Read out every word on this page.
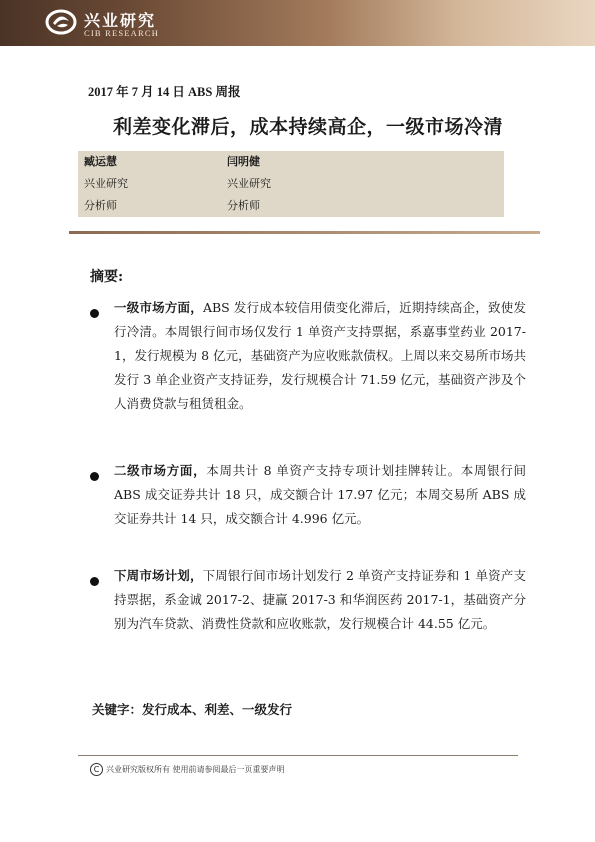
兴业研究
CIB RESEARCH
2017 年 7 月 14 日 ABS 周报
利差变化滞后，成本持续高企，一级市场冷清
臧运慧
兴业研究
分析师
闫明健
兴业研究
分析师
摘要:
一级市场方面，ABS 发行成本较信用债变化滞后，近期持续高企，致使发行冷清。本周银行间市场仅发行 1 单资产支持票据，系嘉事堂药业 2017-1，发行规模为 8 亿元，基础资产为应收账款债权。上周以来交易所市场共发行 3 单企业资产支持证券，发行规模合计 71.59 亿元，基础资产涉及个人消费贷款与租赁租金。
二级市场方面，本周共计 8 单资产支持专项计划挂牌转让。本周银行间 ABS 成交证券共计 18 只，成交额合计 17.97 亿元；本周交易所 ABS 成交证券共计 14 只，成交额合计 4.996 亿元。
下周市场计划，下周银行间市场计划发行 2 单资产支持证券和 1 单资产支持票据，系金诚 2017-2、捷赢 2017-3 和华润医药 2017-1，基础资产分别为汽车贷款、消费性贷款和应收账款，发行规模合计 44.55 亿元。
关键字：发行成本、利差、一级发行
C 兴业研究版权所有 使用前请参阅最后一页重要声明
